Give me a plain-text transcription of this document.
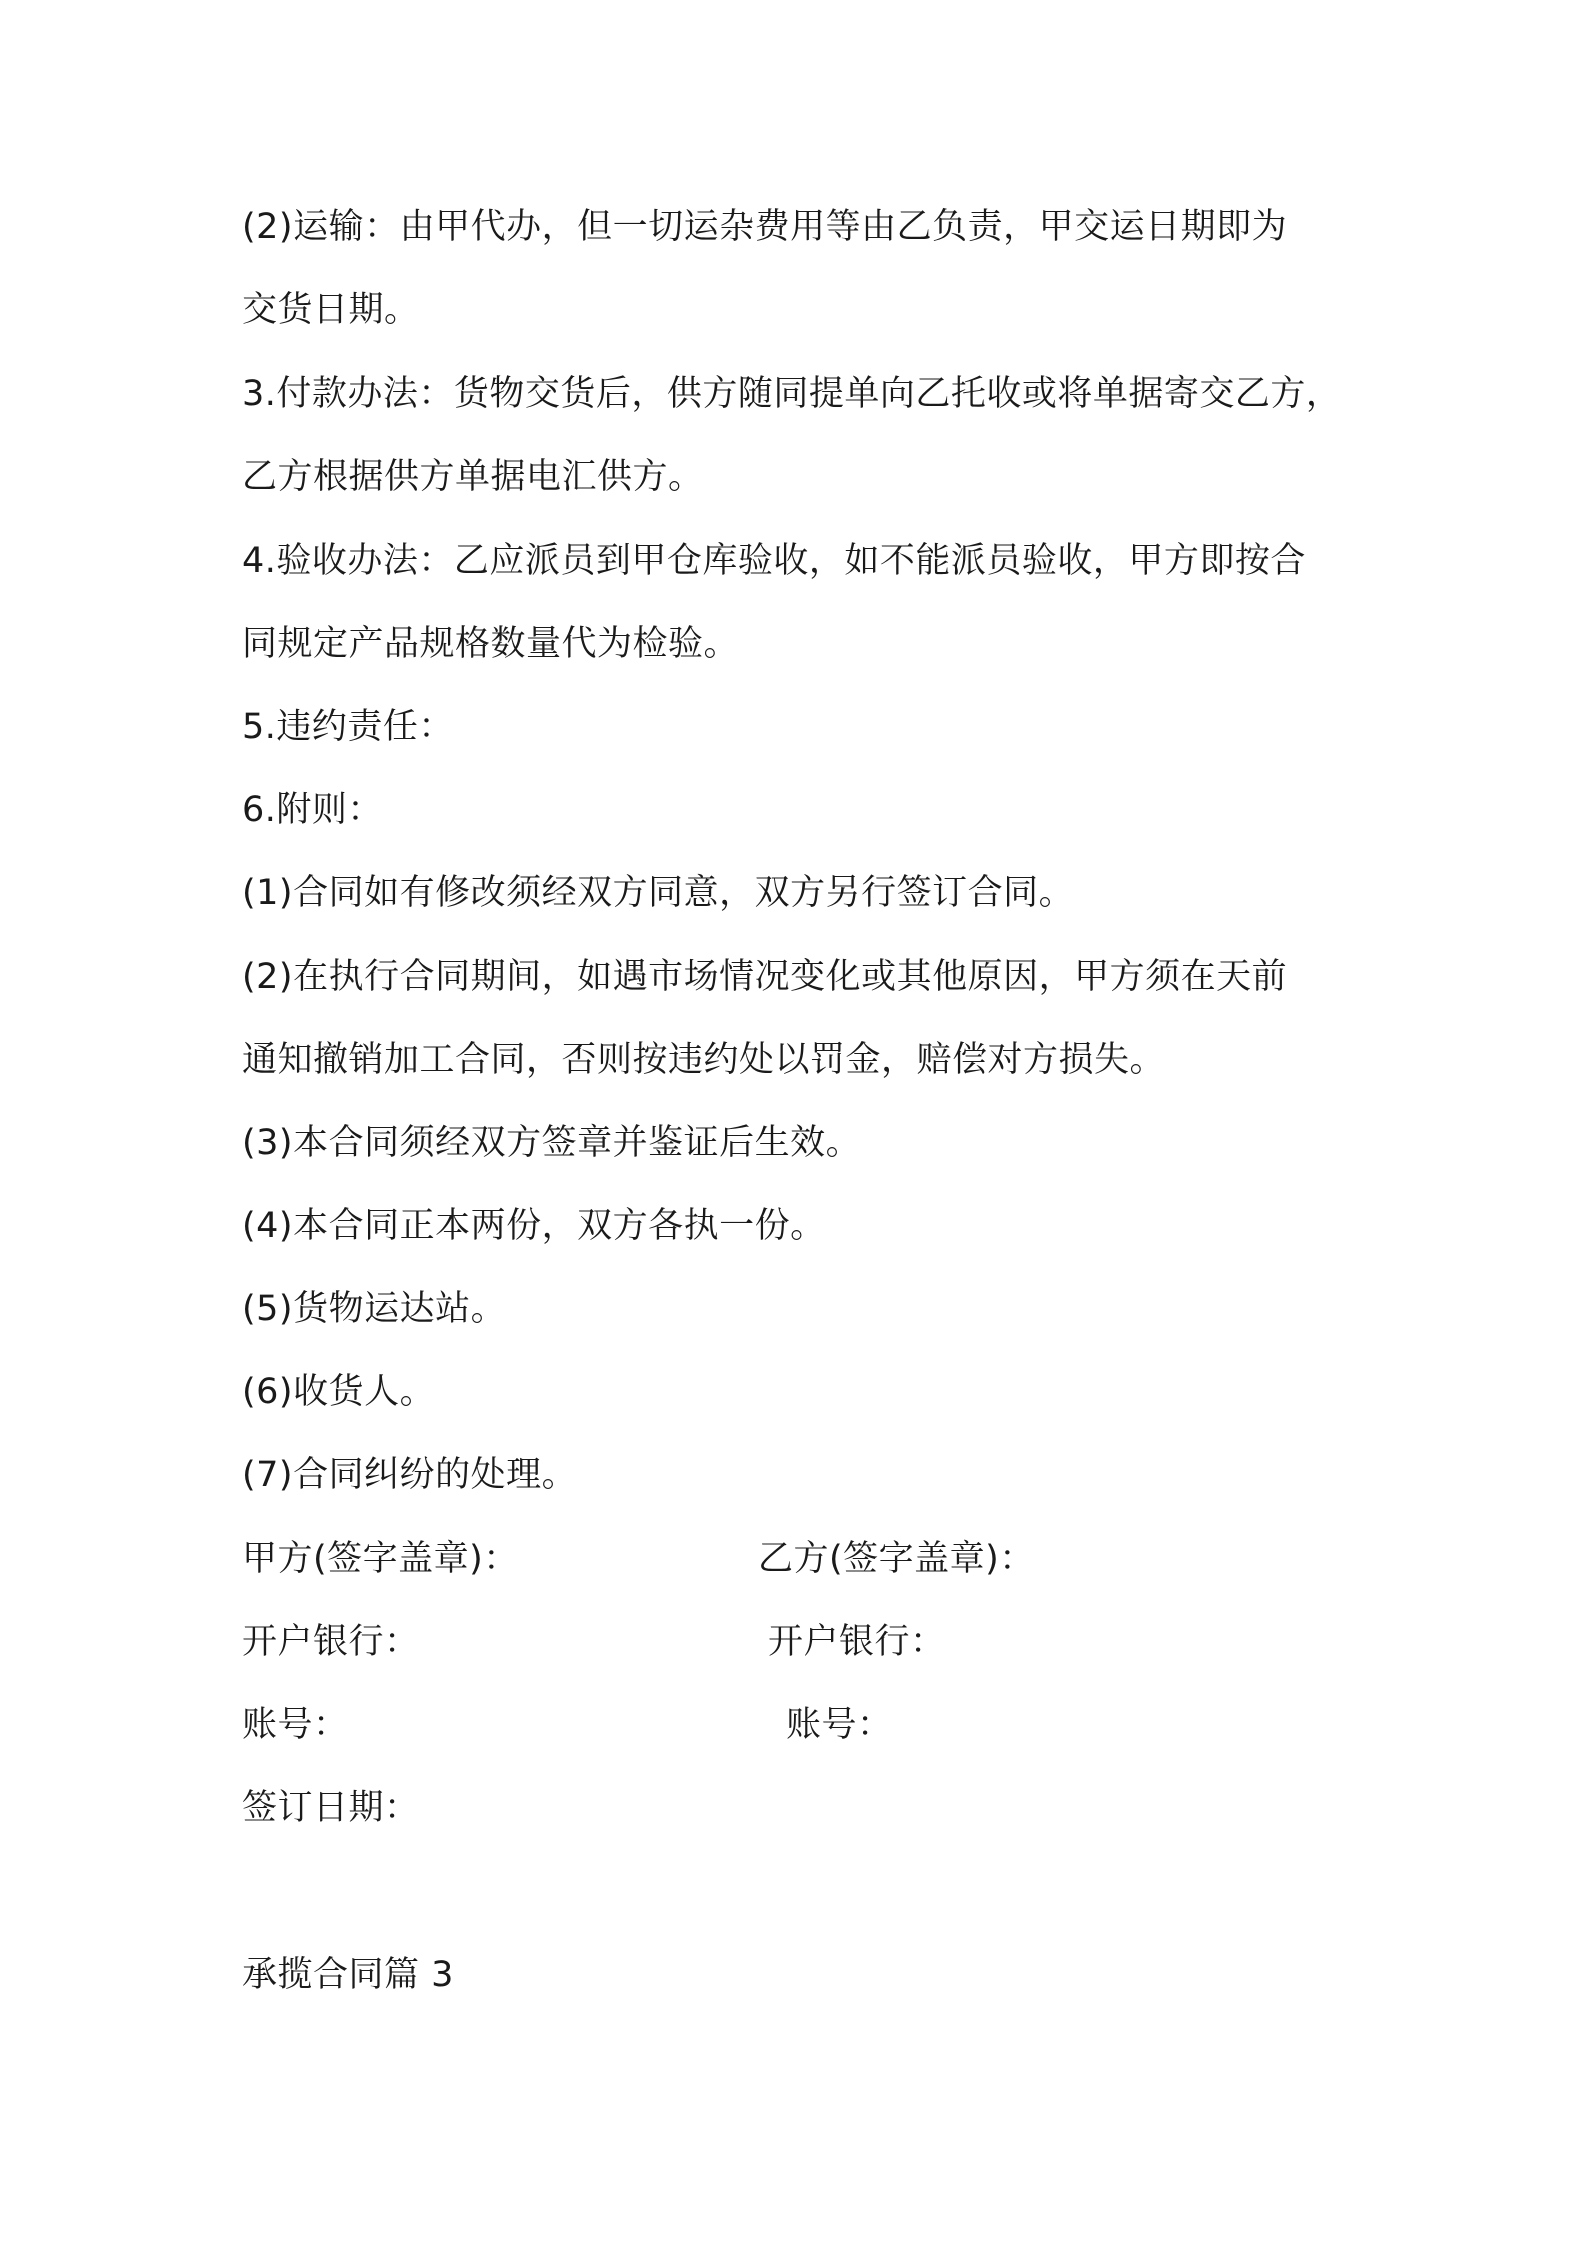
(2)运输：由甲代办，但一切运杂费用等由乙负责，甲交运日期即为
交货日期。
3.付款办法：货物交货后，供方随同提单向乙托收或将单据寄交乙方，
乙方根据供方单据电汇供方。
4.验收办法：乙应派员到甲仓库验收，如不能派员验收，甲方即按合
同规定产品规格数量代为检验。
5.违约责任：
6.附则：
(1)合同如有修改须经双方同意，双方另行签订合同。
(2)在执行合同期间，如遇市场情况变化或其他原因，甲方须在天前
通知撤销加工合同，否则按违约处以罚金，赔偿对方损失。
(3)本合同须经双方签章并鉴证后生效。
(4)本合同正本两份，双方各执一份。
(5)货物运达站。
(6)收货人。
(7)合同纠纷的处理。
甲方(签字盖章)：	乙方(签字盖章)：
开户银行：	开户银行：
账号：	账号：
签订日期：
承揽合同篇 3
